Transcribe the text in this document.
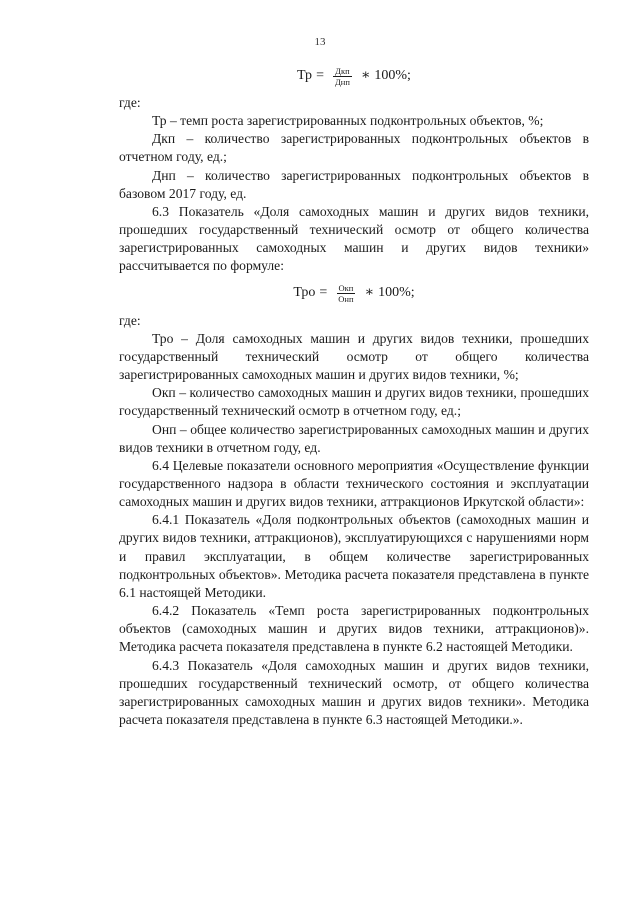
13
Тр = $\frac{\text{Дкп}}{\text{Днп}}$ ∗ 100%;

где:

Тр – темп роста зарегистрированных подконтрольных объектов, %;

Дкп – количество зарегистрированных подконтрольных объектов в отчетном году, ед.;

Днп – количество зарегистрированных подконтрольных объектов в базовом 2017 году, ед.

6.3 Показатель «Доля самоходных машин и других видов техники, прошедших государственный технический осмотр от общего количества зарегистрированных самоходных машин и других видов техники» рассчитывается по формуле:

Тро = $\frac{\text{Окп}}{\text{Онп}}$ ∗ 100%;

где:

Тро – Доля самоходных машин и других видов техники, прошедших государственный технический осмотр от общего количества зарегистрированных самоходных машин и других видов техники, %;

Окп – количество самоходных машин и других видов техники, прошедших государственный технический осмотр в отчетном году, ед.;

Онп – общее количество зарегистрированных самоходных машин и других видов техники в отчетном году, ед.

6.4 Целевые показатели основного мероприятия «Осуществление функции государственного надзора в области технического состояния и эксплуатации самоходных машин и других видов техники, аттракционов Иркутской области»:

6.4.1 Показатель «Доля подконтрольных объектов (самоходных машин и других видов техники, аттракционов), эксплуатирующихся с нарушениями норм и правил эксплуатации, в общем количестве зарегистрированных подконтрольных объектов». Методика расчета показателя представлена в пункте 6.1 настоящей Методики.

6.4.2 Показатель «Темп роста зарегистрированных подконтрольных объектов (самоходных машин и других видов техники, аттракционов)». Методика расчета показателя представлена в пункте 6.2 настоящей Методики.

6.4.3 Показатель «Доля самоходных машин и других видов техники, прошедших государственный технический осмотр, от общего количества зарегистрированных самоходных машин и других видов техники». Методика расчета показателя представлена в пункте 6.3 настоящей Методики.».
